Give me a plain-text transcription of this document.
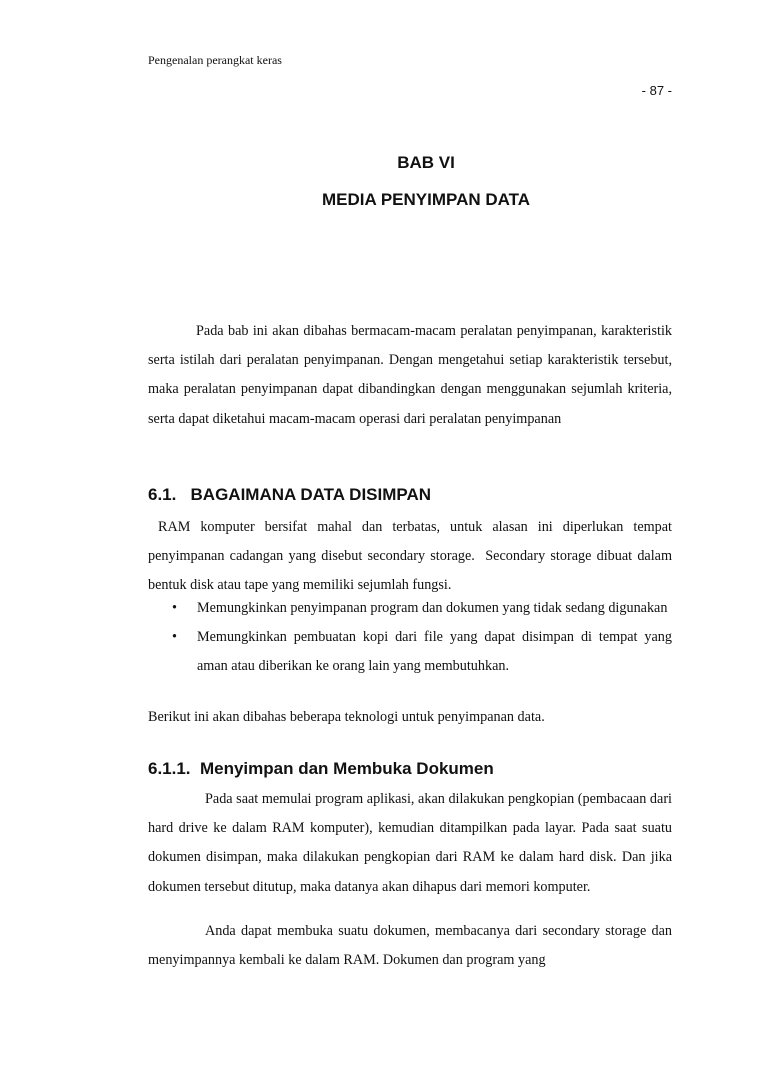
Pengenalan perangkat keras
- 87 -
BAB VI
MEDIA PENYIMPAN DATA

Pada bab ini akan dibahas bermacam-macam peralatan penyimpanan, karakteristik serta istilah dari peralatan penyimpanan. Dengan mengetahui setiap karakteristik tersebut, maka peralatan penyimpanan dapat dibandingkan dengan menggunakan sejumlah kriteria, serta dapat diketahui macam-macam operasi dari peralatan penyimpanan

6.1.   BAGAIMANA DATA DISIMPAN

RAM komputer bersifat mahal dan terbatas, untuk alasan ini diperlukan tempat penyimpanan cadangan yang disebut secondary storage.  Secondary storage dibuat dalam bentuk disk atau tape yang memiliki sejumlah fungsi.

• Memungkinkan penyimpanan program dan dokumen yang tidak sedang digunakan
• Memungkinkan pembuatan kopi dari file yang dapat disimpan di tempat yang aman atau diberikan ke orang lain yang membutuhkan.

Berikut ini akan dibahas beberapa teknologi untuk penyimpanan data.

6.1.1.  Menyimpan dan Membuka Dokumen

Pada saat memulai program aplikasi, akan dilakukan pengkopian (pembacaan dari hard drive ke dalam RAM komputer), kemudian ditampilkan pada layar. Pada saat suatu dokumen disimpan, maka dilakukan pengkopian dari RAM ke dalam hard disk. Dan jika dokumen tersebut ditutup, maka datanya akan dihapus dari memori komputer.

Anda dapat membuka suatu dokumen, membacanya dari secondary storage dan menyimpannya kembali ke dalam RAM. Dokumen dan program yang
